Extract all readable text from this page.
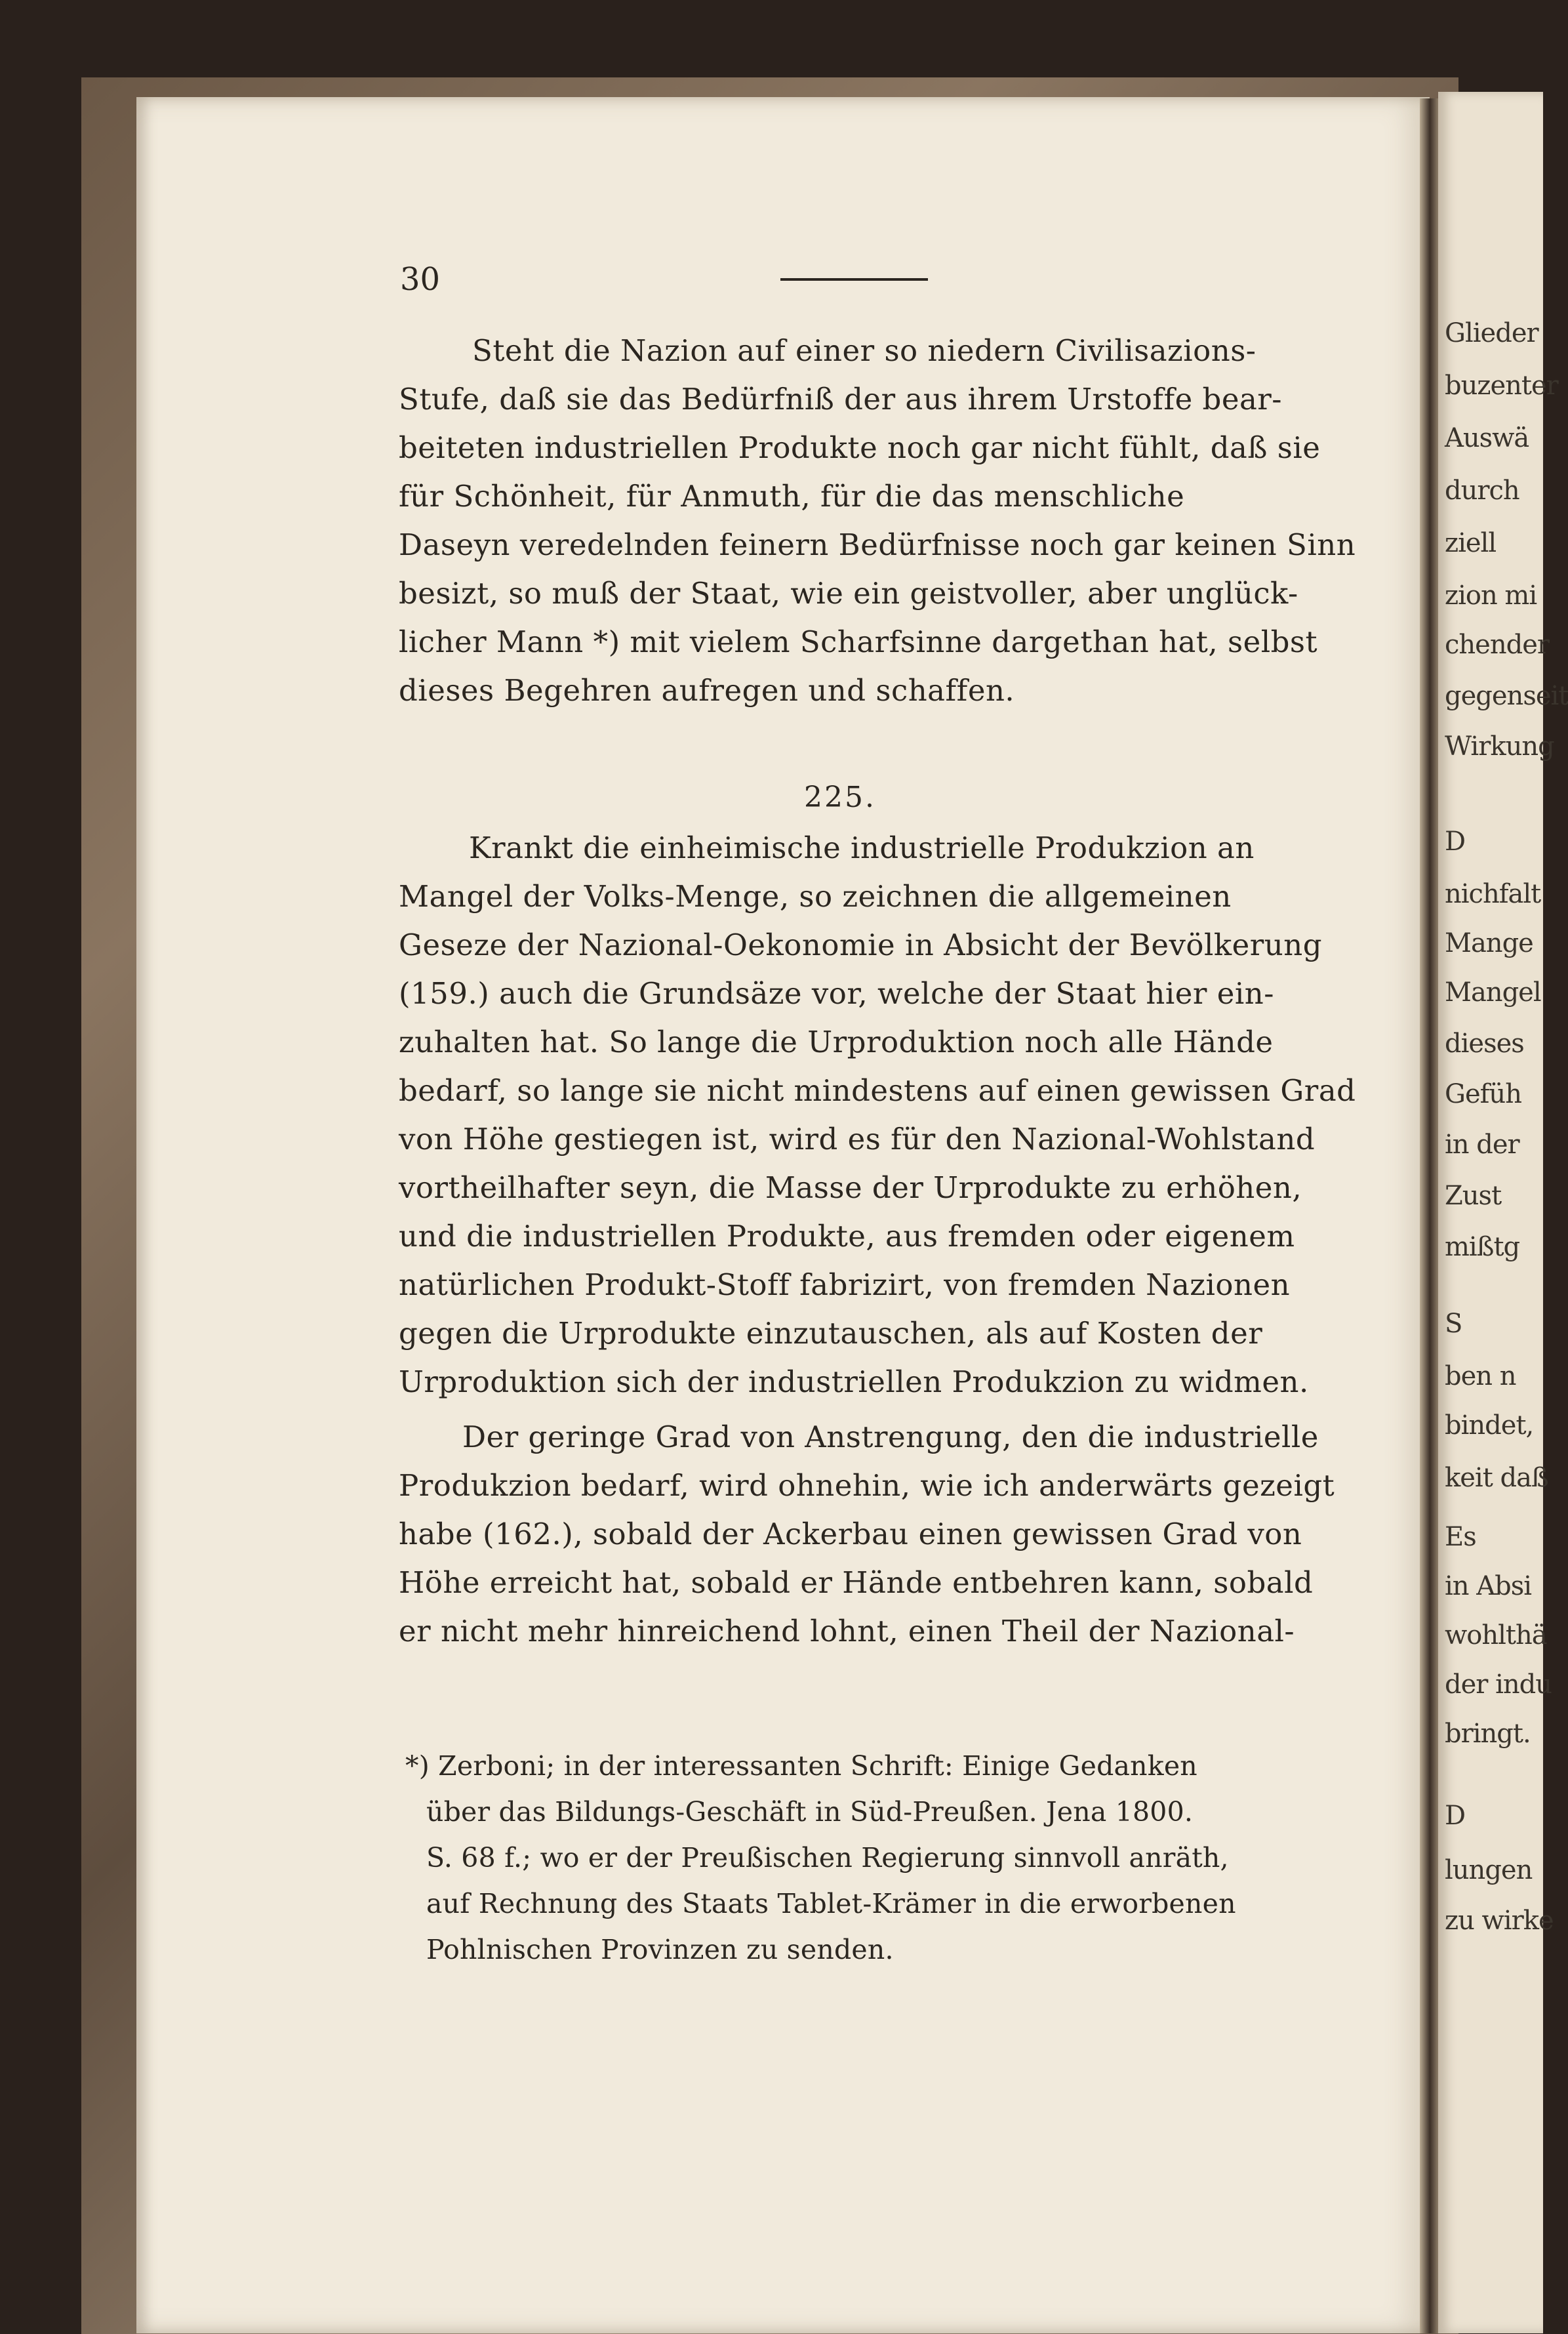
Glieder
buzenter
Auswä
durch
ziell
zion mi
chender
gegenseit
Wirkung
D
nichfalt
Mange
Mangel
dieses
Gefüh
in der
Zust
mißtg
S
ben n
bindet,
keit daß
Es
in Absi
wohlthä
der indu
bringt.
D
lungen
zu wirke
30
Steht die Nazion auf einer so niedern Civilisazions-
Stufe, daß sie das Bedürfniß der aus ihrem Urstoffe bear-
beiteten industriellen Produkte noch gar nicht fühlt, daß sie
für Schönheit, für Anmuth, für die das menschliche
Daseyn veredelnden feinern Bedürfnisse noch gar keinen Sinn
besizt, so muß der Staat, wie ein geistvoller, aber unglück-
licher Mann *) mit vielem Scharfsinne dargethan hat, selbst
dieses Begehren aufregen und schaffen.
225.
Krankt die einheimische industrielle Produkzion an
Mangel der Volks-Menge, so zeichnen die allgemeinen
Geseze der Nazional-Oekonomie in Absicht der Bevölkerung
(159.) auch die Grundsäze vor, welche der Staat hier ein-
zuhalten hat. So lange die Urproduktion noch alle Hände
bedarf, so lange sie nicht mindestens auf einen gewissen Grad
von Höhe gestiegen ist, wird es für den Nazional-Wohlstand
vortheilhafter seyn, die Masse der Urprodukte zu erhöhen,
und die industriellen Produkte, aus fremden oder eigenem
natürlichen Produkt-Stoff fabrizirt, von fremden Nazionen
gegen die Urprodukte einzutauschen, als auf Kosten der
Urproduktion sich der industriellen Produkzion zu widmen.
Der geringe Grad von Anstrengung, den die industrielle
Produkzion bedarf, wird ohnehin, wie ich anderwärts gezeigt
habe (162.), sobald der Ackerbau einen gewissen Grad von
Höhe erreicht hat, sobald er Hände entbehren kann, sobald
er nicht mehr hinreichend lohnt, einen Theil der Nazional-
*) Zerboni; in der interessanten Schrift: Einige Gedanken
über das Bildungs-Geschäft in Süd-Preußen. Jena 1800.
S. 68 f.; wo er der Preußischen Regierung sinnvoll anräth,
auf Rechnung des Staats Tablet-Krämer in die erworbenen
Pohlnischen Provinzen zu senden.
